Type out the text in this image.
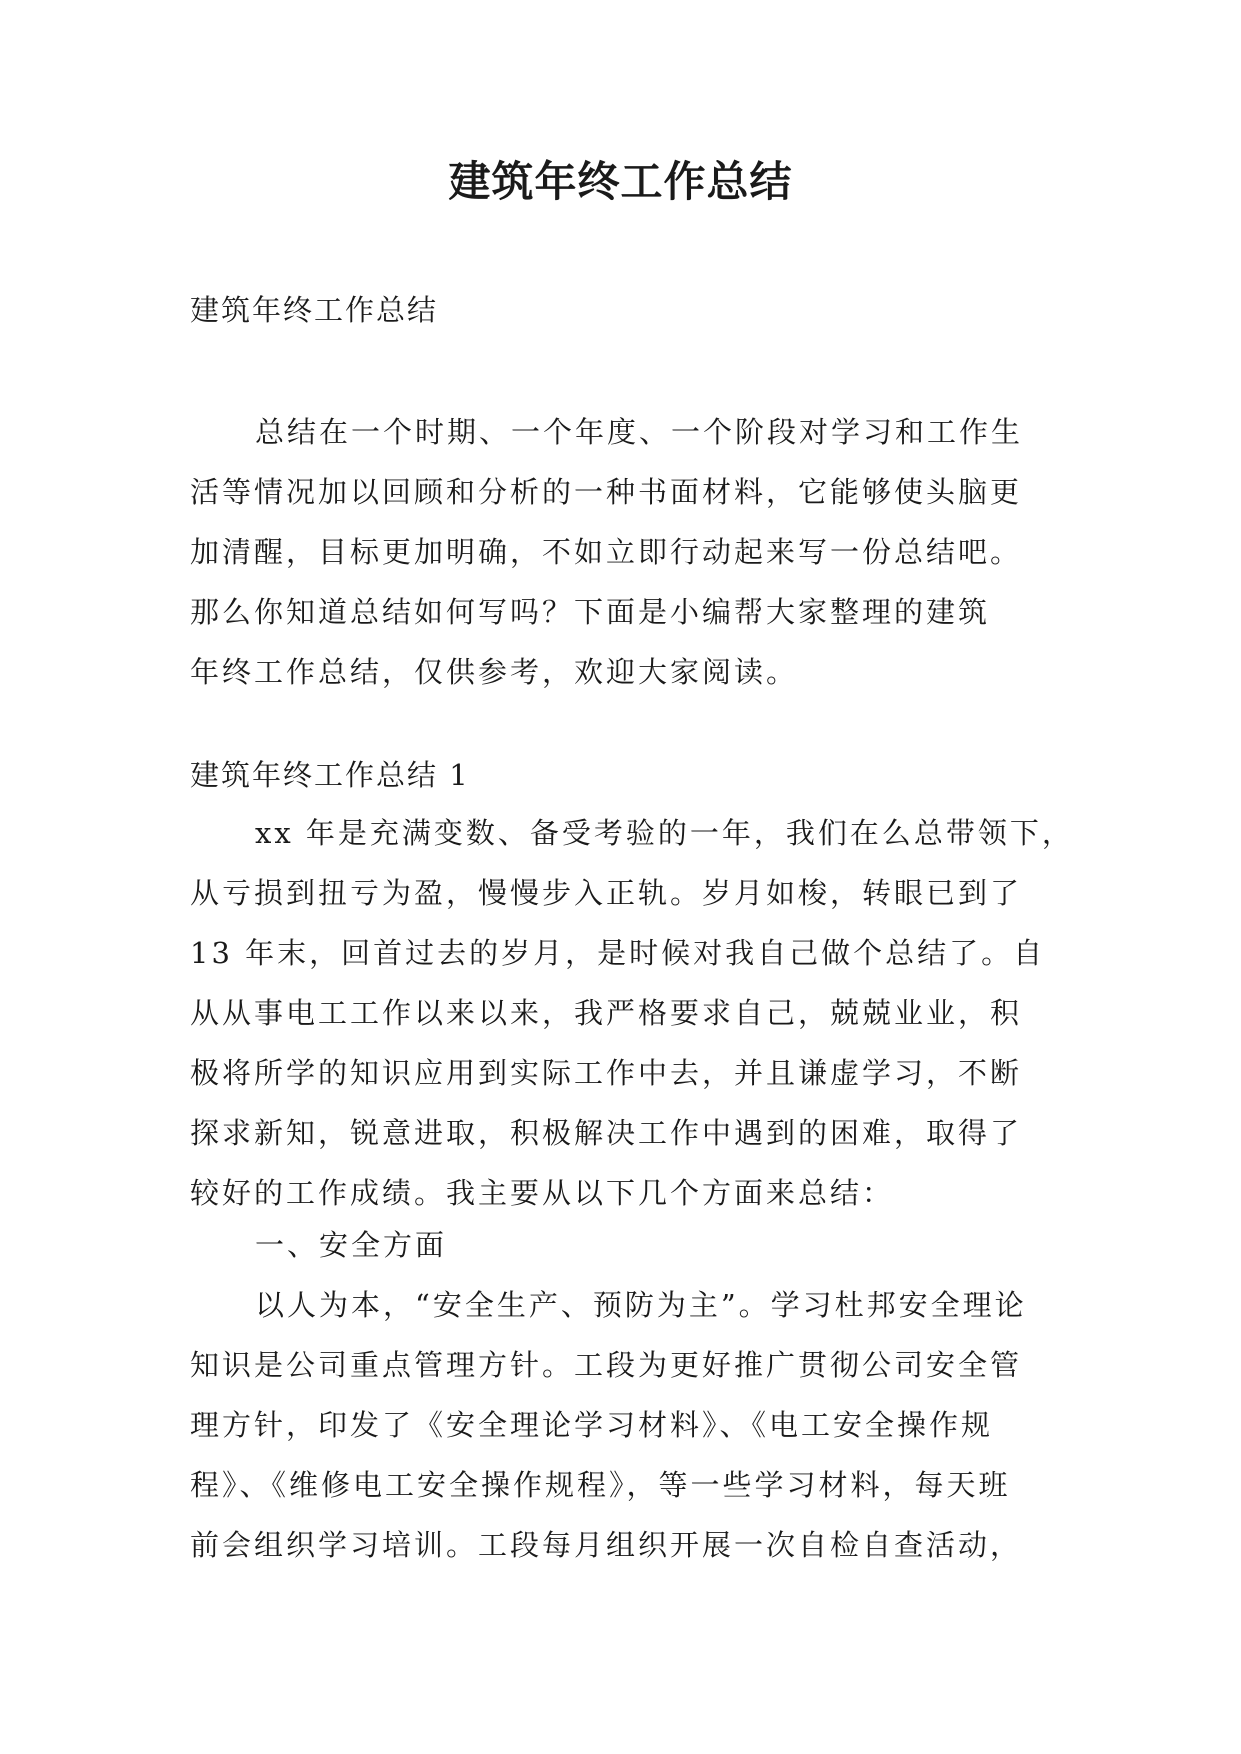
建筑年终工作总结

建筑年终工作总结

总结在一个时期、一个年度、一个阶段对学习和工作生
活等情况加以回顾和分析的一种书面材料，它能够使头脑更
加清醒，目标更加明确，不如立即行动起来写一份总结吧。
那么你知道总结如何写吗？下面是小编帮大家整理的建筑
年终工作总结，仅供参考，欢迎大家阅读。

建筑年终工作总结 1

xx 年是充满变数、备受考验的一年，我们在么总带领下，
从亏损到扭亏为盈，慢慢步入正轨。岁月如梭，转眼已到了
13 年末，回首过去的岁月，是时候对我自己做个总结了。自
从从事电工工作以来以来，我严格要求自己，兢兢业业，积
极将所学的知识应用到实际工作中去，并且谦虚学习，不断
探求新知，锐意进取，积极解决工作中遇到的困难，取得了
较好的工作成绩。我主要从以下几个方面来总结：

一、安全方面

以人为本，“安全生产、预防为主”。学习杜邦安全理论
知识是公司重点管理方针。工段为更好推广贯彻公司安全管
理方针，印发了《安全理论学习材料》、《电工安全操作规
程》、《维修电工安全操作规程》，等一些学习材料，每天班
前会组织学习培训。工段每月组织开展一次自检自查活动，
